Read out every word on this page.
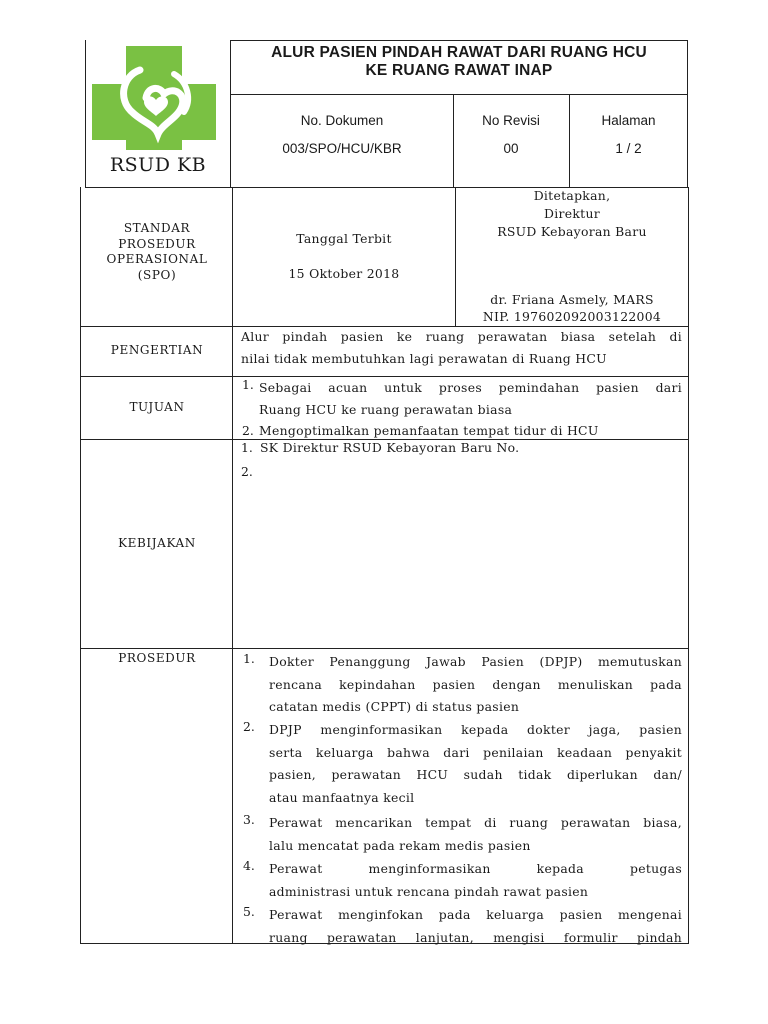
RSUD KB
ALUR PASIEN PINDAH RAWAT DARI RUANG HCU
KE RUANG RAWAT INAP
No. Dokumen
003/SPO/HCU/KBR
No Revisi
00
Halaman
1 / 2
STANDAR
PROSEDUR
OPERASIONAL
(SPO)
Tanggal Terbit
15 Oktober 2018
Ditetapkan,
Direktur
RSUD Kebayoran Baru
dr. Friana Asmely, MARS
NIP. 197602092003122004
PENGERTIAN
Alur pindah pasien ke ruang perawatan biasa setelah di
nilai tidak membutuhkan lagi perawatan di Ruang HCU
TUJUAN
1. Sebagai acuan untuk proses pemindahan pasien dari
Ruang HCU ke ruang perawatan biasa
2. Mengoptimalkan pemanfaatan tempat tidur di HCU
KEBIJAKAN
1. SK Direktur RSUD Kebayoran Baru No.
2.
PROSEDUR	1. Dokter Penanggung Jawab Pasien (DPJP) memutuskan
rencana kepindahan pasien dengan menuliskan pada
catatan medis (CPPT) di status pasien
2. DPJP menginformasikan kepada dokter jaga, pasien
serta keluarga bahwa dari penilaian keadaan penyakit
pasien, perawatan HCU sudah tidak diperlukan dan/
atau manfaatnya kecil
3. Perawat mencarikan tempat di ruang perawatan biasa,
lalu mencatat pada rekam medis pasien
4. Perawat menginformasikan kepada petugas
administrasi untuk rencana pindah rawat pasien
5. Perawat menginfokan pada keluarga pasien mengenai
ruang perawatan lanjutan, mengisi formulir pindah
